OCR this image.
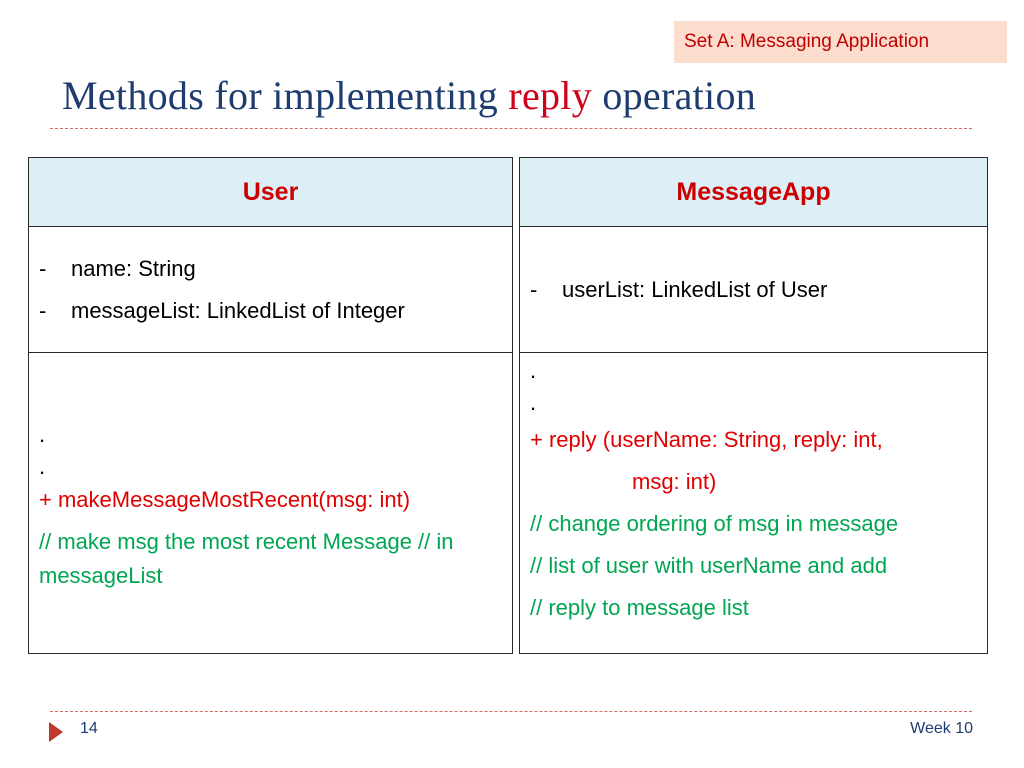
Set A: Messaging Application
Methods for implementing reply operation
User
- name: String
- messageList: LinkedList of Integer
.
.
+ makeMessageMostRecent(msg: int)
// make msg the most recent Message // in messageList
MessageApp
- userList: LinkedList of User
.
.
+ reply (userName: String, reply: int,
msg: int)
// change ordering of msg in message
// list of user with userName and add
// reply to message list
14	Week 10
